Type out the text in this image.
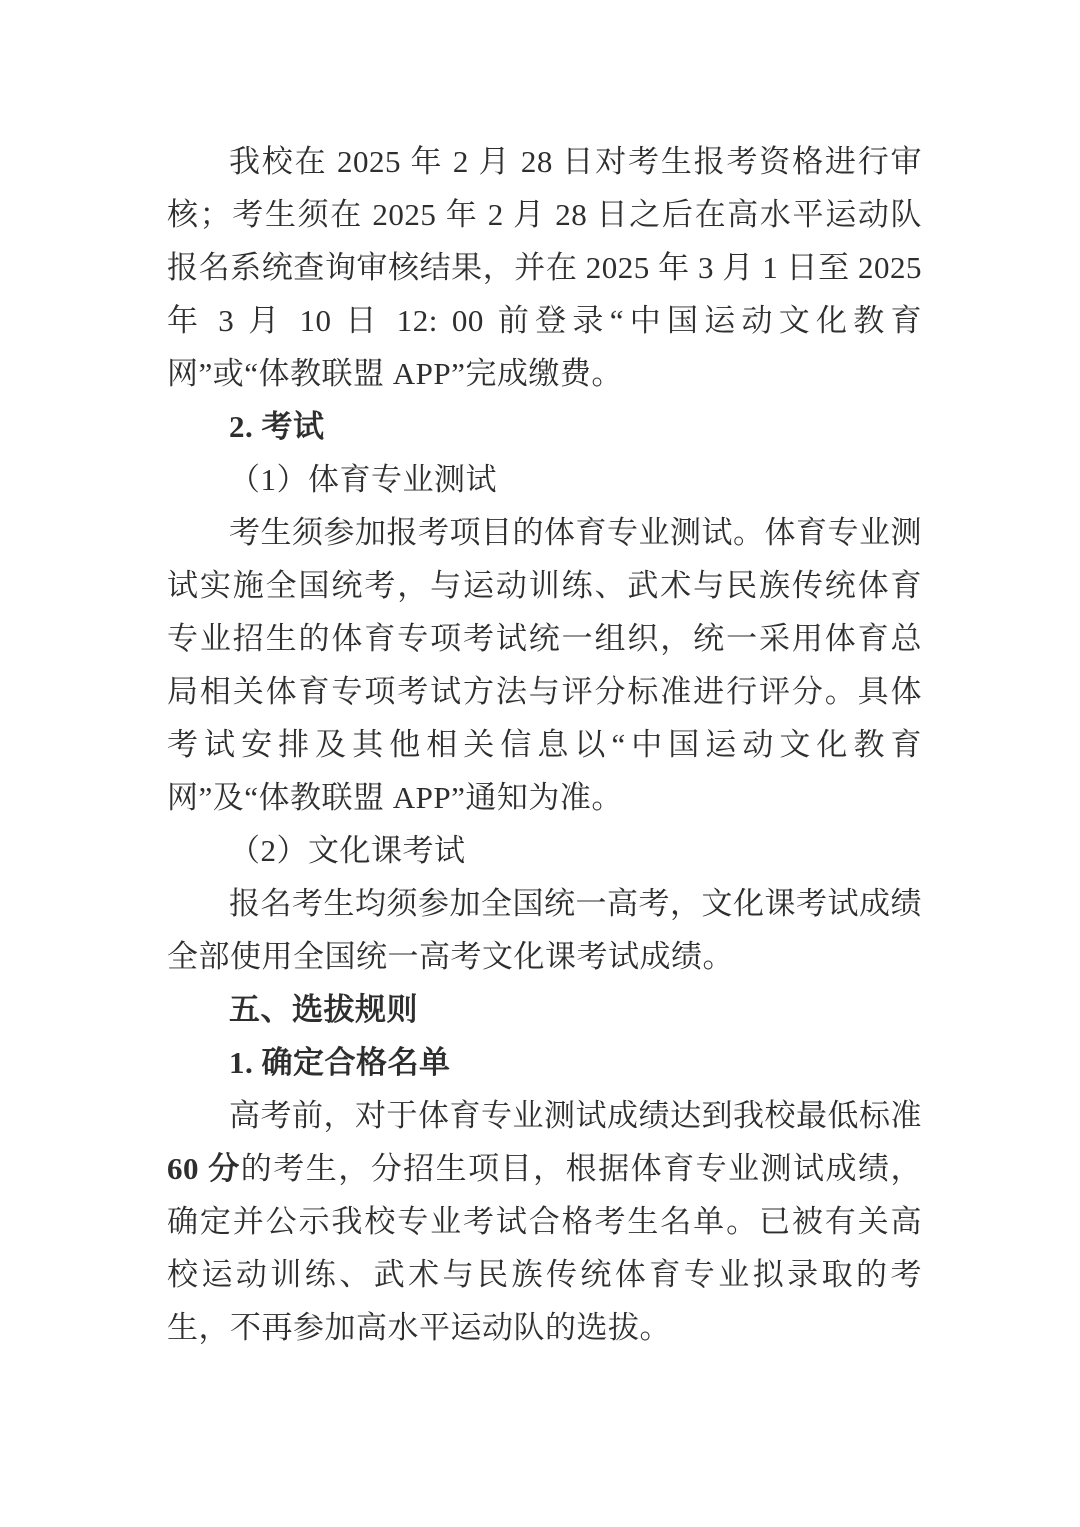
我校在 2025 年 2 月 28 日对考生报考资格进行审核；考生须在 2025 年 2 月 28 日之后在高水平运动队报名系统查询审核结果，并在 2025 年 3 月 1 日至 2025 年 3 月 10 日 12: 00 前登录“中国运动文化教育网”或“体教联盟 APP”完成缴费。

2. 考试

（1）体育专业测试

考生须参加报考项目的体育专业测试。体育专业测试实施全国统考，与运动训练、武术与民族传统体育专业招生的体育专项考试统一组织，统一采用体育总局相关体育专项考试方法与评分标准进行评分。具体考试安排及其他相关信息以“中国运动文化教育网”及“体教联盟 APP”通知为准。

（2）文化课考试

报名考生均须参加全国统一高考，文化课考试成绩全部使用全国统一高考文化课考试成绩。

五、选拔规则
1. 确定合格名单

高考前，对于体育专业测试成绩达到我校最低标准 60 分的考生，分招生项目，根据体育专业测试成绩，确定并公示我校专业考试合格考生名单。已被有关高校运动训练、武术与民族传统体育专业拟录取的考生，不再参加高水平运动队的选拔。
